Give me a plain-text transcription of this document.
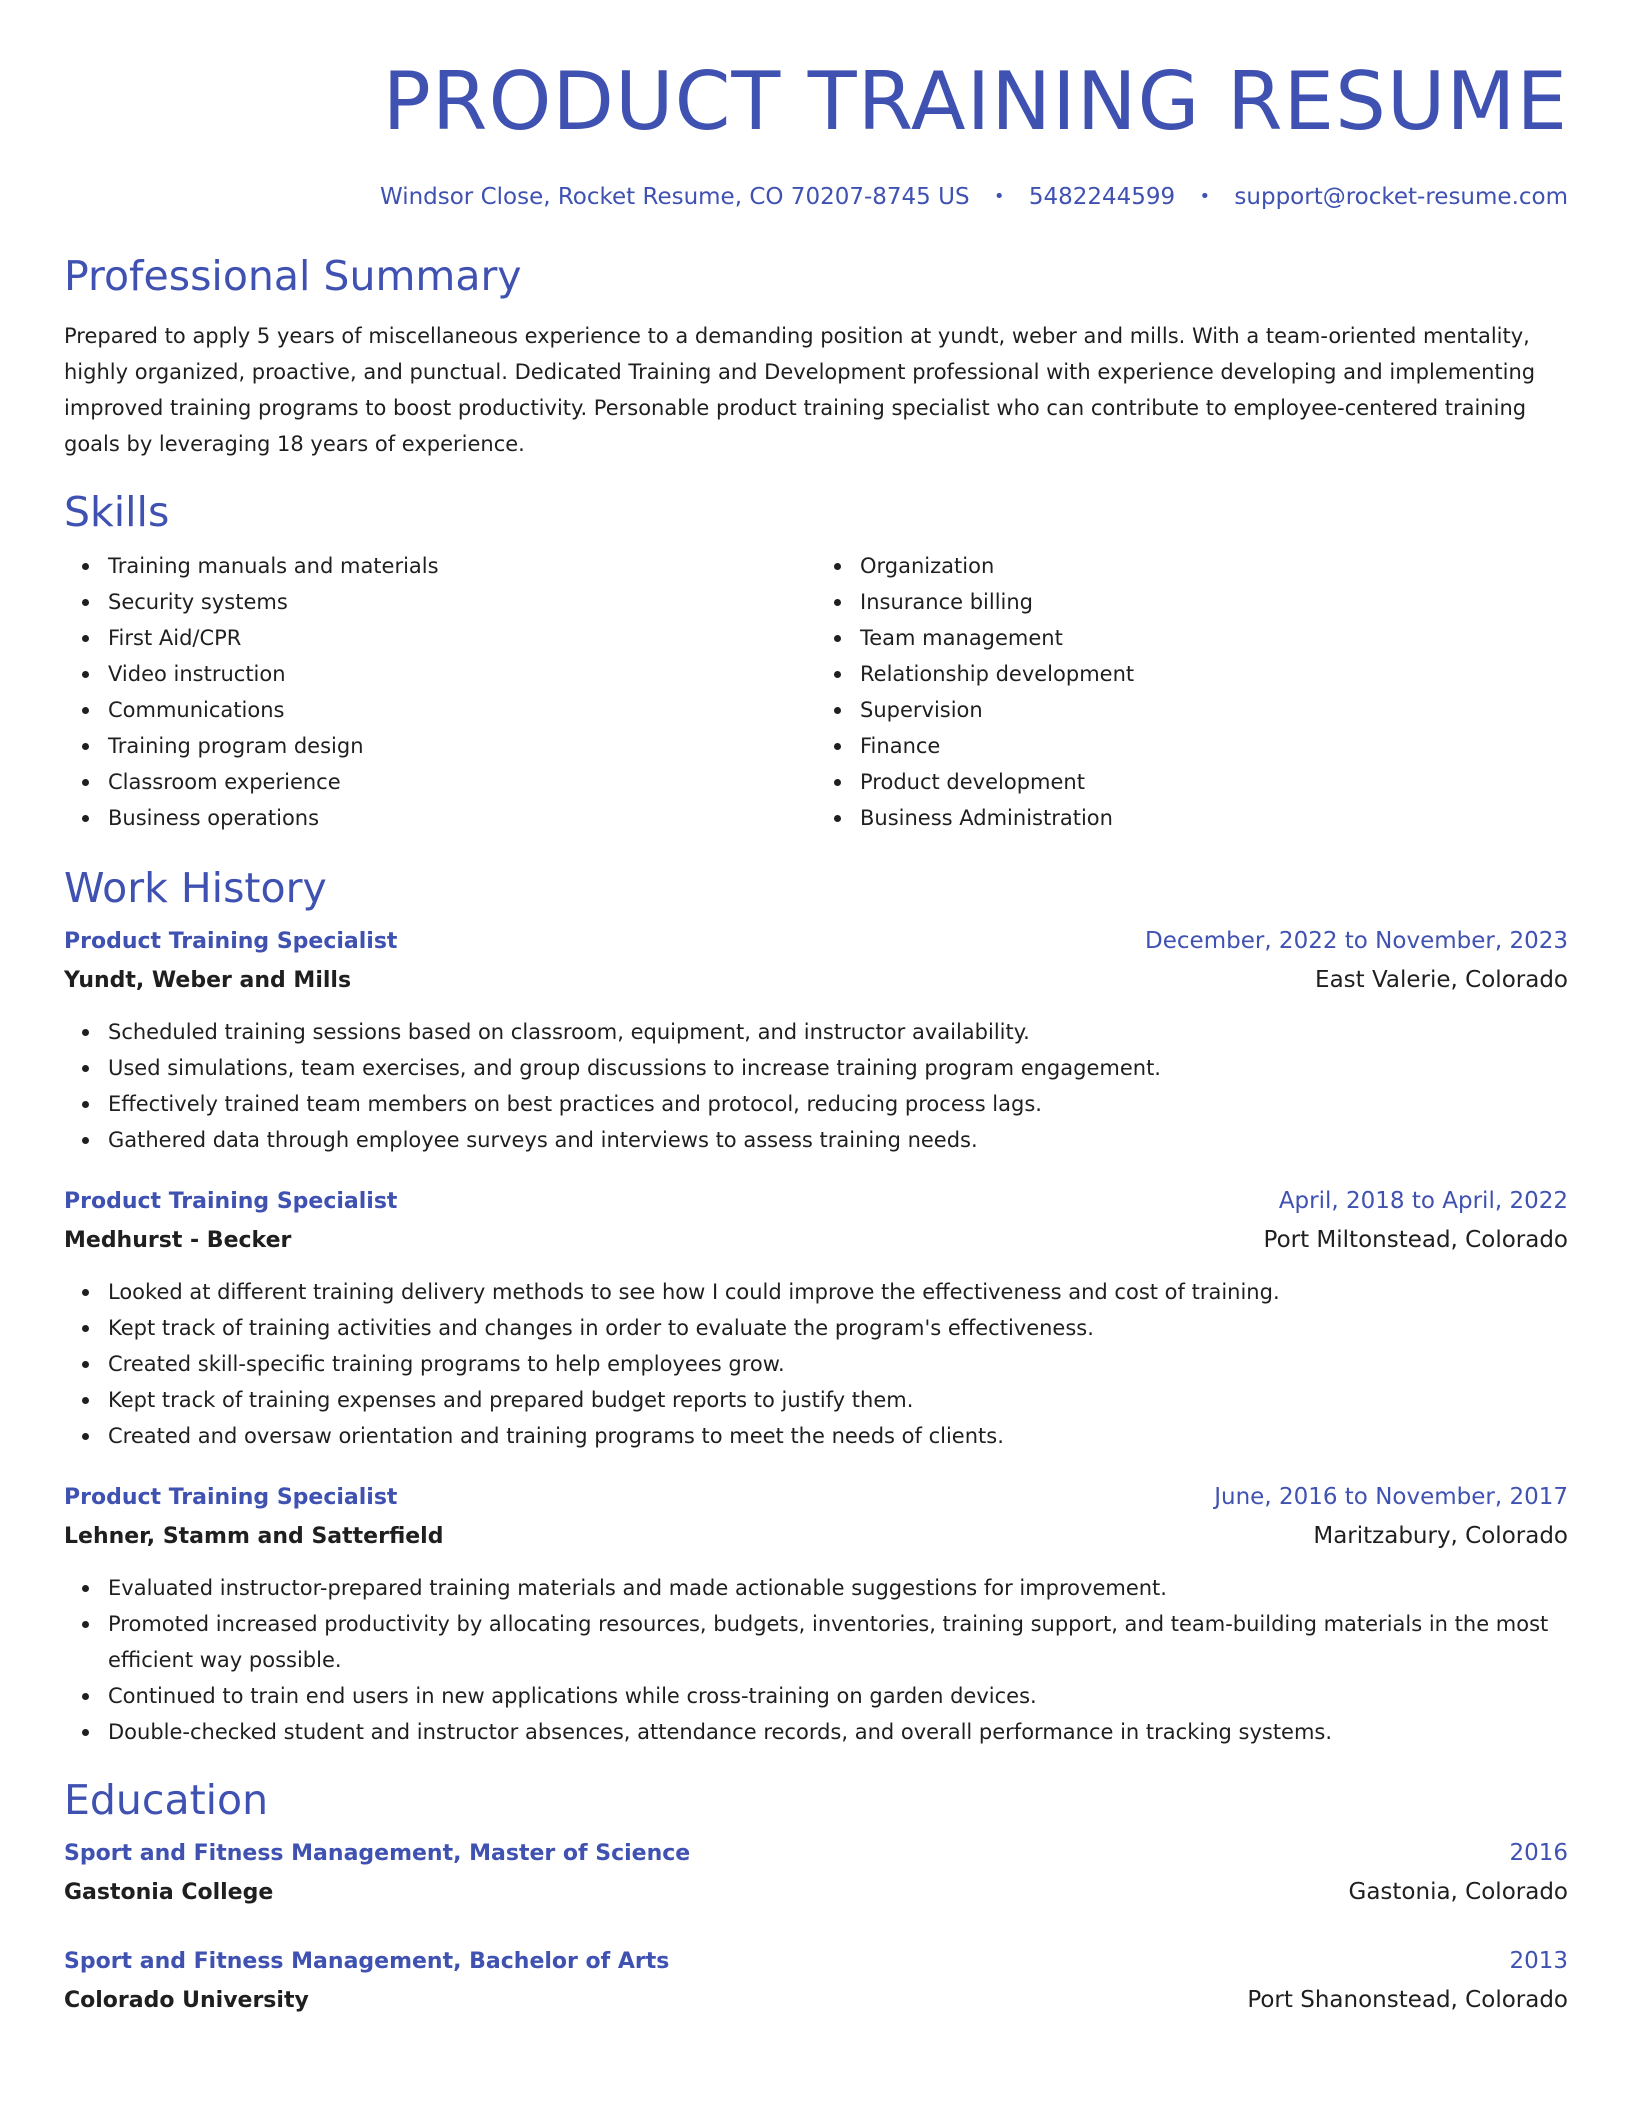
PRODUCT TRAINING RESUME
Windsor Close, Rocket Resume, CO 70207-8745 US • 5482244599 • support@rocket-resume.com
Professional Summary

Prepared to apply 5 years of miscellaneous experience to a demanding position at yundt, weber and mills. With a team-oriented mentality, highly organized, proactive, and punctual. Dedicated Training and Development professional with experience developing and implementing improved training programs to boost productivity. Personable product training specialist who can contribute to employee-centered training goals by leveraging 18 years of experience.

Skills
Training manuals and materials
Security systems
First Aid/CPR
Video instruction
Communications
Training program design
Classroom experience
Business operations
Organization
Insurance billing
Team management
Relationship development
Supervision
Finance
Product development
Business Administration
Work History
Product Training Specialist	December, 2022 to November, 2023
Yundt, Weber and Mills	East Valerie, Colorado
Scheduled training sessions based on classroom, equipment, and instructor availability.
Used simulations, team exercises, and group discussions to increase training program engagement.
Effectively trained team members on best practices and protocol, reducing process lags.
Gathered data through employee surveys and interviews to assess training needs.
Product Training Specialist	April, 2018 to April, 2022
Medhurst - Becker	Port Miltonstead, Colorado
Looked at different training delivery methods to see how I could improve the effectiveness and cost of training.
Kept track of training activities and changes in order to evaluate the program's effectiveness.
Created skill-specific training programs to help employees grow.
Kept track of training expenses and prepared budget reports to justify them.
Created and oversaw orientation and training programs to meet the needs of clients.
Product Training Specialist	June, 2016 to November, 2017
Lehner, Stamm and Satterfield	Maritzabury, Colorado
Evaluated instructor-prepared training materials and made actionable suggestions for improvement.
Promoted increased productivity by allocating resources, budgets, inventories, training support, and team-building materials in the most efficient way possible.
Continued to train end users in new applications while cross-training on garden devices.
Double-checked student and instructor absences, attendance records, and overall performance in tracking systems.
Education
Sport and Fitness Management, Master of Science	2016
Gastonia College	Gastonia, Colorado
Sport and Fitness Management, Bachelor of Arts	2013
Colorado University	Port Shanonstead, Colorado
